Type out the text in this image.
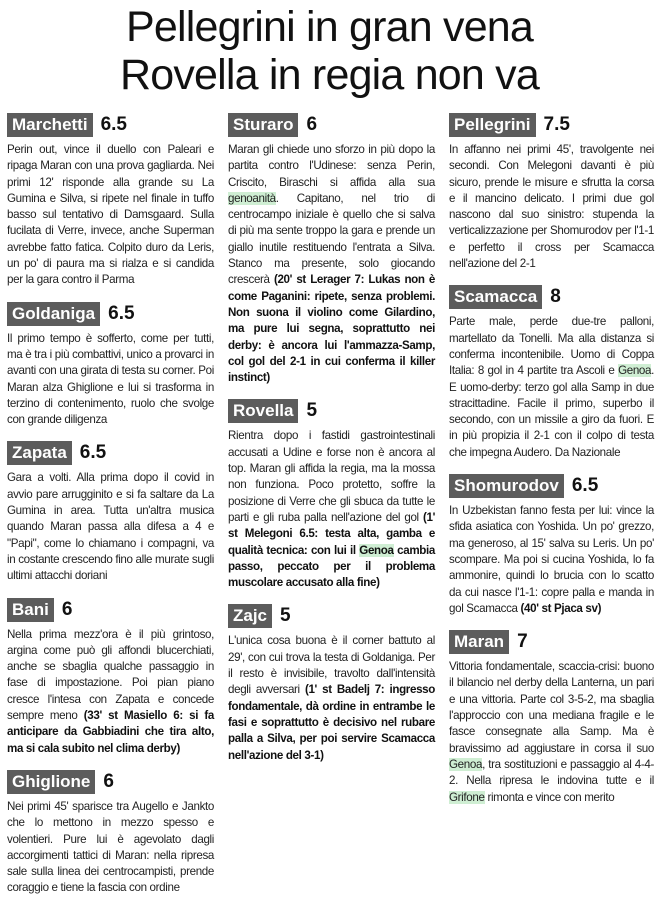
Pellegrini in gran vena
Rovella in regia non va
Marchetti 6.5

Perin out, vince il duello con Paleari e ripaga Maran con una prova gagliarda. Nei primi 12' risponde alla grande su La Gumina e Silva, si ripete nel finale in tuffo basso sul tentativo di Damsgaard. Sulla fucilata di Verre, invece, anche Superman avrebbe fatto fatica. Colpito duro da Leris, un po' di paura ma si rialza e si candida per la gara contro il Parma

Goldaniga 6.5

Il primo tempo è sofferto, come per tutti, ma è tra i più combattivi, unico a provarci in avanti con una girata di testa su corner. Poi Maran alza Ghiglione e lui si trasforma in terzino di contenimento, ruolo che svolge con grande diligenza

Zapata 6.5

Gara a volti. Alla prima dopo il covid in avvio pare arrugginito e si fa saltare da La Gumina in area. Tutta un'altra musica quando Maran passa alla difesa a 4 e "Papi", come lo chiamano i compagni, va in costante crescendo fino alle murate sugli ultimi attacchi doriani

Bani 6

Nella prima mezz'ora è il più grintoso, argina come può gli affondi blucerchiati, anche se sbaglia qualche passaggio in fase di impostazione. Poi pian piano cresce l'intesa con Zapata e concede sempre meno (33' st Masiello 6: si fa anticipare da Gabbiadini che tira alto, ma si cala subito nel clima derby)

Ghiglione 6

Nei primi 45' sparisce tra Augello e Jankto che lo mettono in mezzo spesso e volentieri. Pure lui è agevolato dagli accorgimenti tattici di Maran: nella ripresa sale sulla linea dei centrocampisti, prende coraggio e tiene la fascia con ordine

Sturaro 6

Maran gli chiede uno sforzo in più dopo la partita contro l'Udinese: senza Perin, Criscito, Biraschi si affida alla sua genoanità. Capitano, nel trio di centrocampo iniziale è quello che si salva di più ma sente troppo la gara e prende un giallo inutile restituendo l'entrata a Silva. Stanco ma presente, solo giocando crescerà (20' st Lerager 7: Lukas non è come Paganini: ripete, senza problemi. Non suona il violino come Gilardino, ma pure lui segna, soprattutto nei derby: è ancora lui l'ammazza-Samp, col gol del 2-1 in cui conferma il killer instinct)

Rovella 5

Rientra dopo i fastidi gastrointestinali accusati a Udine e forse non è ancora al top. Maran gli affida la regia, ma la mossa non funziona. Poco protetto, soffre la posizione di Verre che gli sbuca da tutte le parti e gli ruba palla nell'azione del gol (1' st Melegoni 6.5: testa alta, gamba e qualità tecnica: con lui il Genoa cambia passo, peccato per il problema muscolare accusato alla fine)

Zajc 5

L'unica cosa buona è il corner battuto al 29', con cui trova la testa di Goldaniga. Per il resto è invisibile, travolto dall'intensità degli avversari (1' st Badelj 7: ingresso fondamentale, dà ordine in entrambe le fasi e soprattutto è decisivo nel rubare palla a Silva, per poi servire Scamacca nell'azione del 3-1)

Pellegrini 7.5

In affanno nei primi 45', travolgente nei secondi. Con Melegoni davanti è più sicuro, prende le misure e sfrutta la corsa e il mancino delicato. I primi due gol nascono dal suo sinistro: stupenda la verticalizzazione per Shomurodov per l'1-1 e perfetto il cross per Scamacca nell'azione del 2-1

Scamacca 8

Parte male, perde due-tre palloni, martellato da Tonelli. Ma alla distanza si conferma incontenibile. Uomo di Coppa Italia: 8 gol in 4 partite tra Ascoli e Genoa. E uomo-derby: terzo gol alla Samp in due stracittadine. Facile il primo, superbo il secondo, con un missile a giro da fuori. E in più propizia il 2-1 con il colpo di testa che impegna Audero. Da Nazionale

Shomurodov 6.5

In Uzbekistan fanno festa per lui: vince la sfida asiatica con Yoshida. Un po' grezzo, ma generoso, al 15' salva su Leris. Un po' scompare. Ma poi si cucina Yoshida, lo fa ammonire, quindi lo brucia con lo scatto da cui nasce l'1-1: copre palla e manda in gol Scamacca (40' st Pjaca sv)

Maran 7

Vittoria fondamentale, scaccia-crisi: buono il bilancio nel derby della Lanterna, un pari e una vittoria. Parte col 3-5-2, ma sbaglia l'approccio con una mediana fragile e le fasce consegnate alla Samp. Ma è bravissimo ad aggiustare in corsa il suo Genoa, tra sostituzioni e passaggio al 4-4-2. Nella ripresa le indovina tutte e il Grifone rimonta e vince con merito
